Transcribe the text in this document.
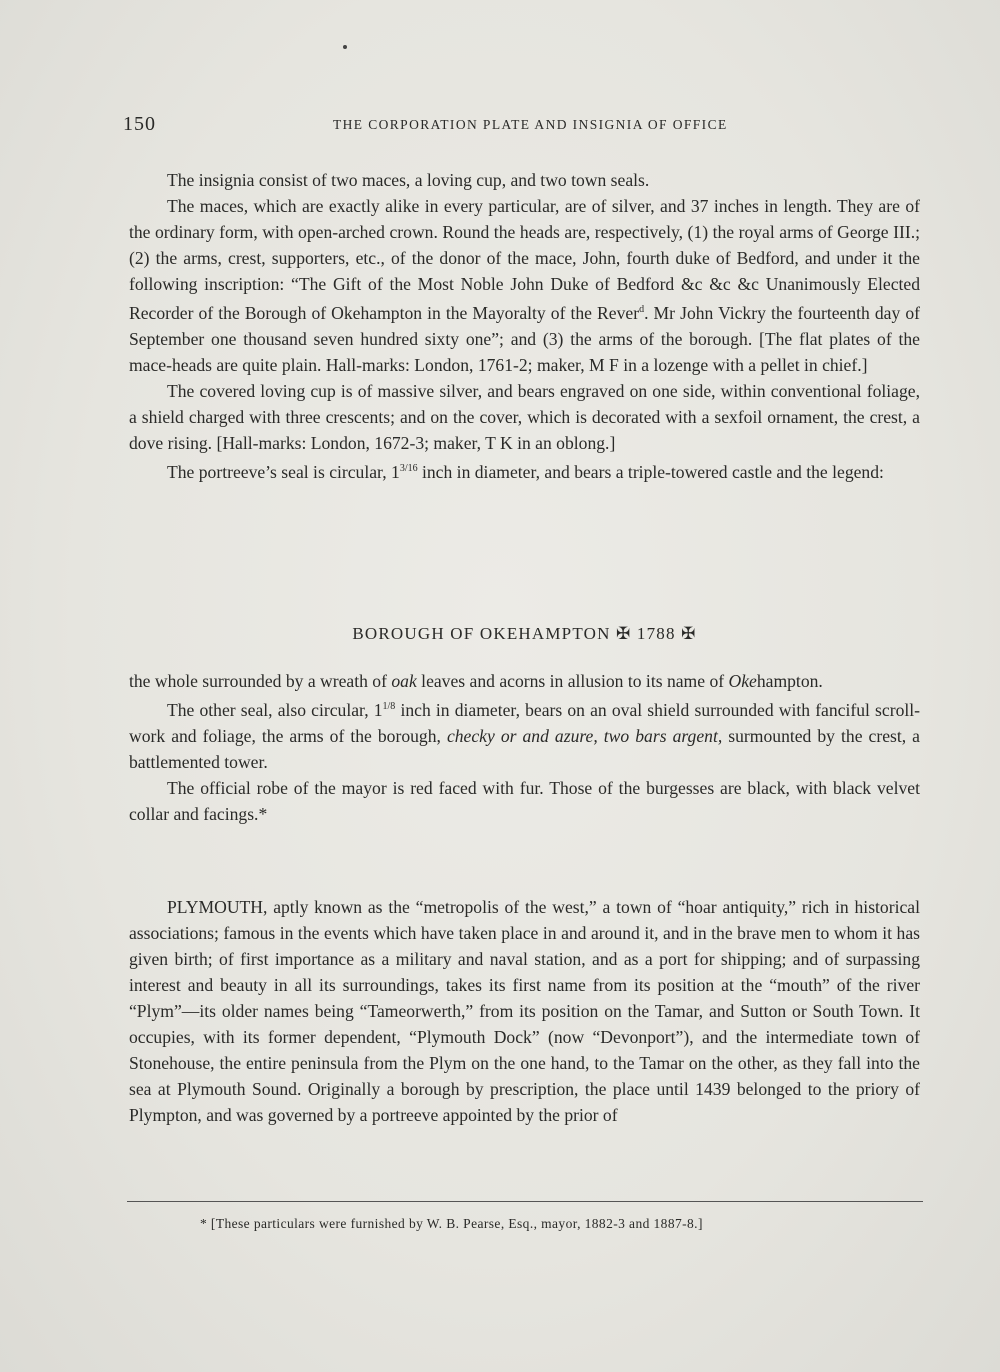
150	THE CORPORATION PLATE AND INSIGNIA OF OFFICE

The insignia consist of two maces, a loving cup, and two town seals.

The maces, which are exactly alike in every particular, are of silver, and 37 inches in length. They are of the ordinary form, with open-arched crown. Round the heads are, respectively, (1) the royal arms of George III.; (2) the arms, crest, supporters, etc., of the donor of the mace, John, fourth duke of Bedford, and under it the following inscription: “The Gift of the Most Noble John Duke of Bedford &c &c &c Unanimously Elected Recorder of the Borough of Okehampton in the Mayoralty of the Rever$^d$. Mr John Vickry the fourteenth day of September one thousand seven hundred sixty one”; and (3) the arms of the borough. [The flat plates of the mace-heads are quite plain. Hall-marks: London, 1761-2; maker, M F in a lozenge with a pellet in chief.]

The covered loving cup is of massive silver, and bears engraved on one side, within conventional foliage, a shield charged with three crescents; and on the cover, which is decorated with a sexfoil ornament, the crest, a dove rising. [Hall-marks: London, 1672-3; maker, T K in an oblong.]

The portreeve’s seal is circular, $1^{3/16}$ inch in diameter, and bears a triple-towered castle and the legend:

BOROUGH OF OKEHAMPTON ✠ 1788 ✠

the whole surrounded by a wreath of oak leaves and acorns in allusion to its name of Okehampton.

The other seal, also circular, $1^{1/8}$ inch in diameter, bears on an oval shield surrounded with fanciful scroll-work and foliage, the arms of the borough, checky or and azure, two bars argent, surmounted by the crest, a battlemented tower.

The official robe of the mayor is red faced with fur. Those of the burgesses are black, with black velvet collar and facings.*

PLYMOUTH, aptly known as the “metropolis of the west,” a town of “hoar antiquity,” rich in historical associations; famous in the events which have taken place in and around it, and in the brave men to whom it has given birth; of first importance as a military and naval station, and as a port for shipping; and of surpassing interest and beauty in all its surroundings, takes its first name from its position at the “mouth” of the river “Plym”—its older names being “Tameorwerth,” from its position on the Tamar, and Sutton or South Town. It occupies, with its former dependent, “Plymouth Dock” (now “Devonport”), and the intermediate town of Stonehouse, the entire peninsula from the Plym on the one hand, to the Tamar on the other, as they fall into the sea at Plymouth Sound. Originally a borough by prescription, the place until 1439 belonged to the priory of Plympton, and was governed by a portreeve appointed by the prior of

* [These particulars were furnished by W. B. Pearse, Esq., mayor, 1882-3 and 1887-8.]
